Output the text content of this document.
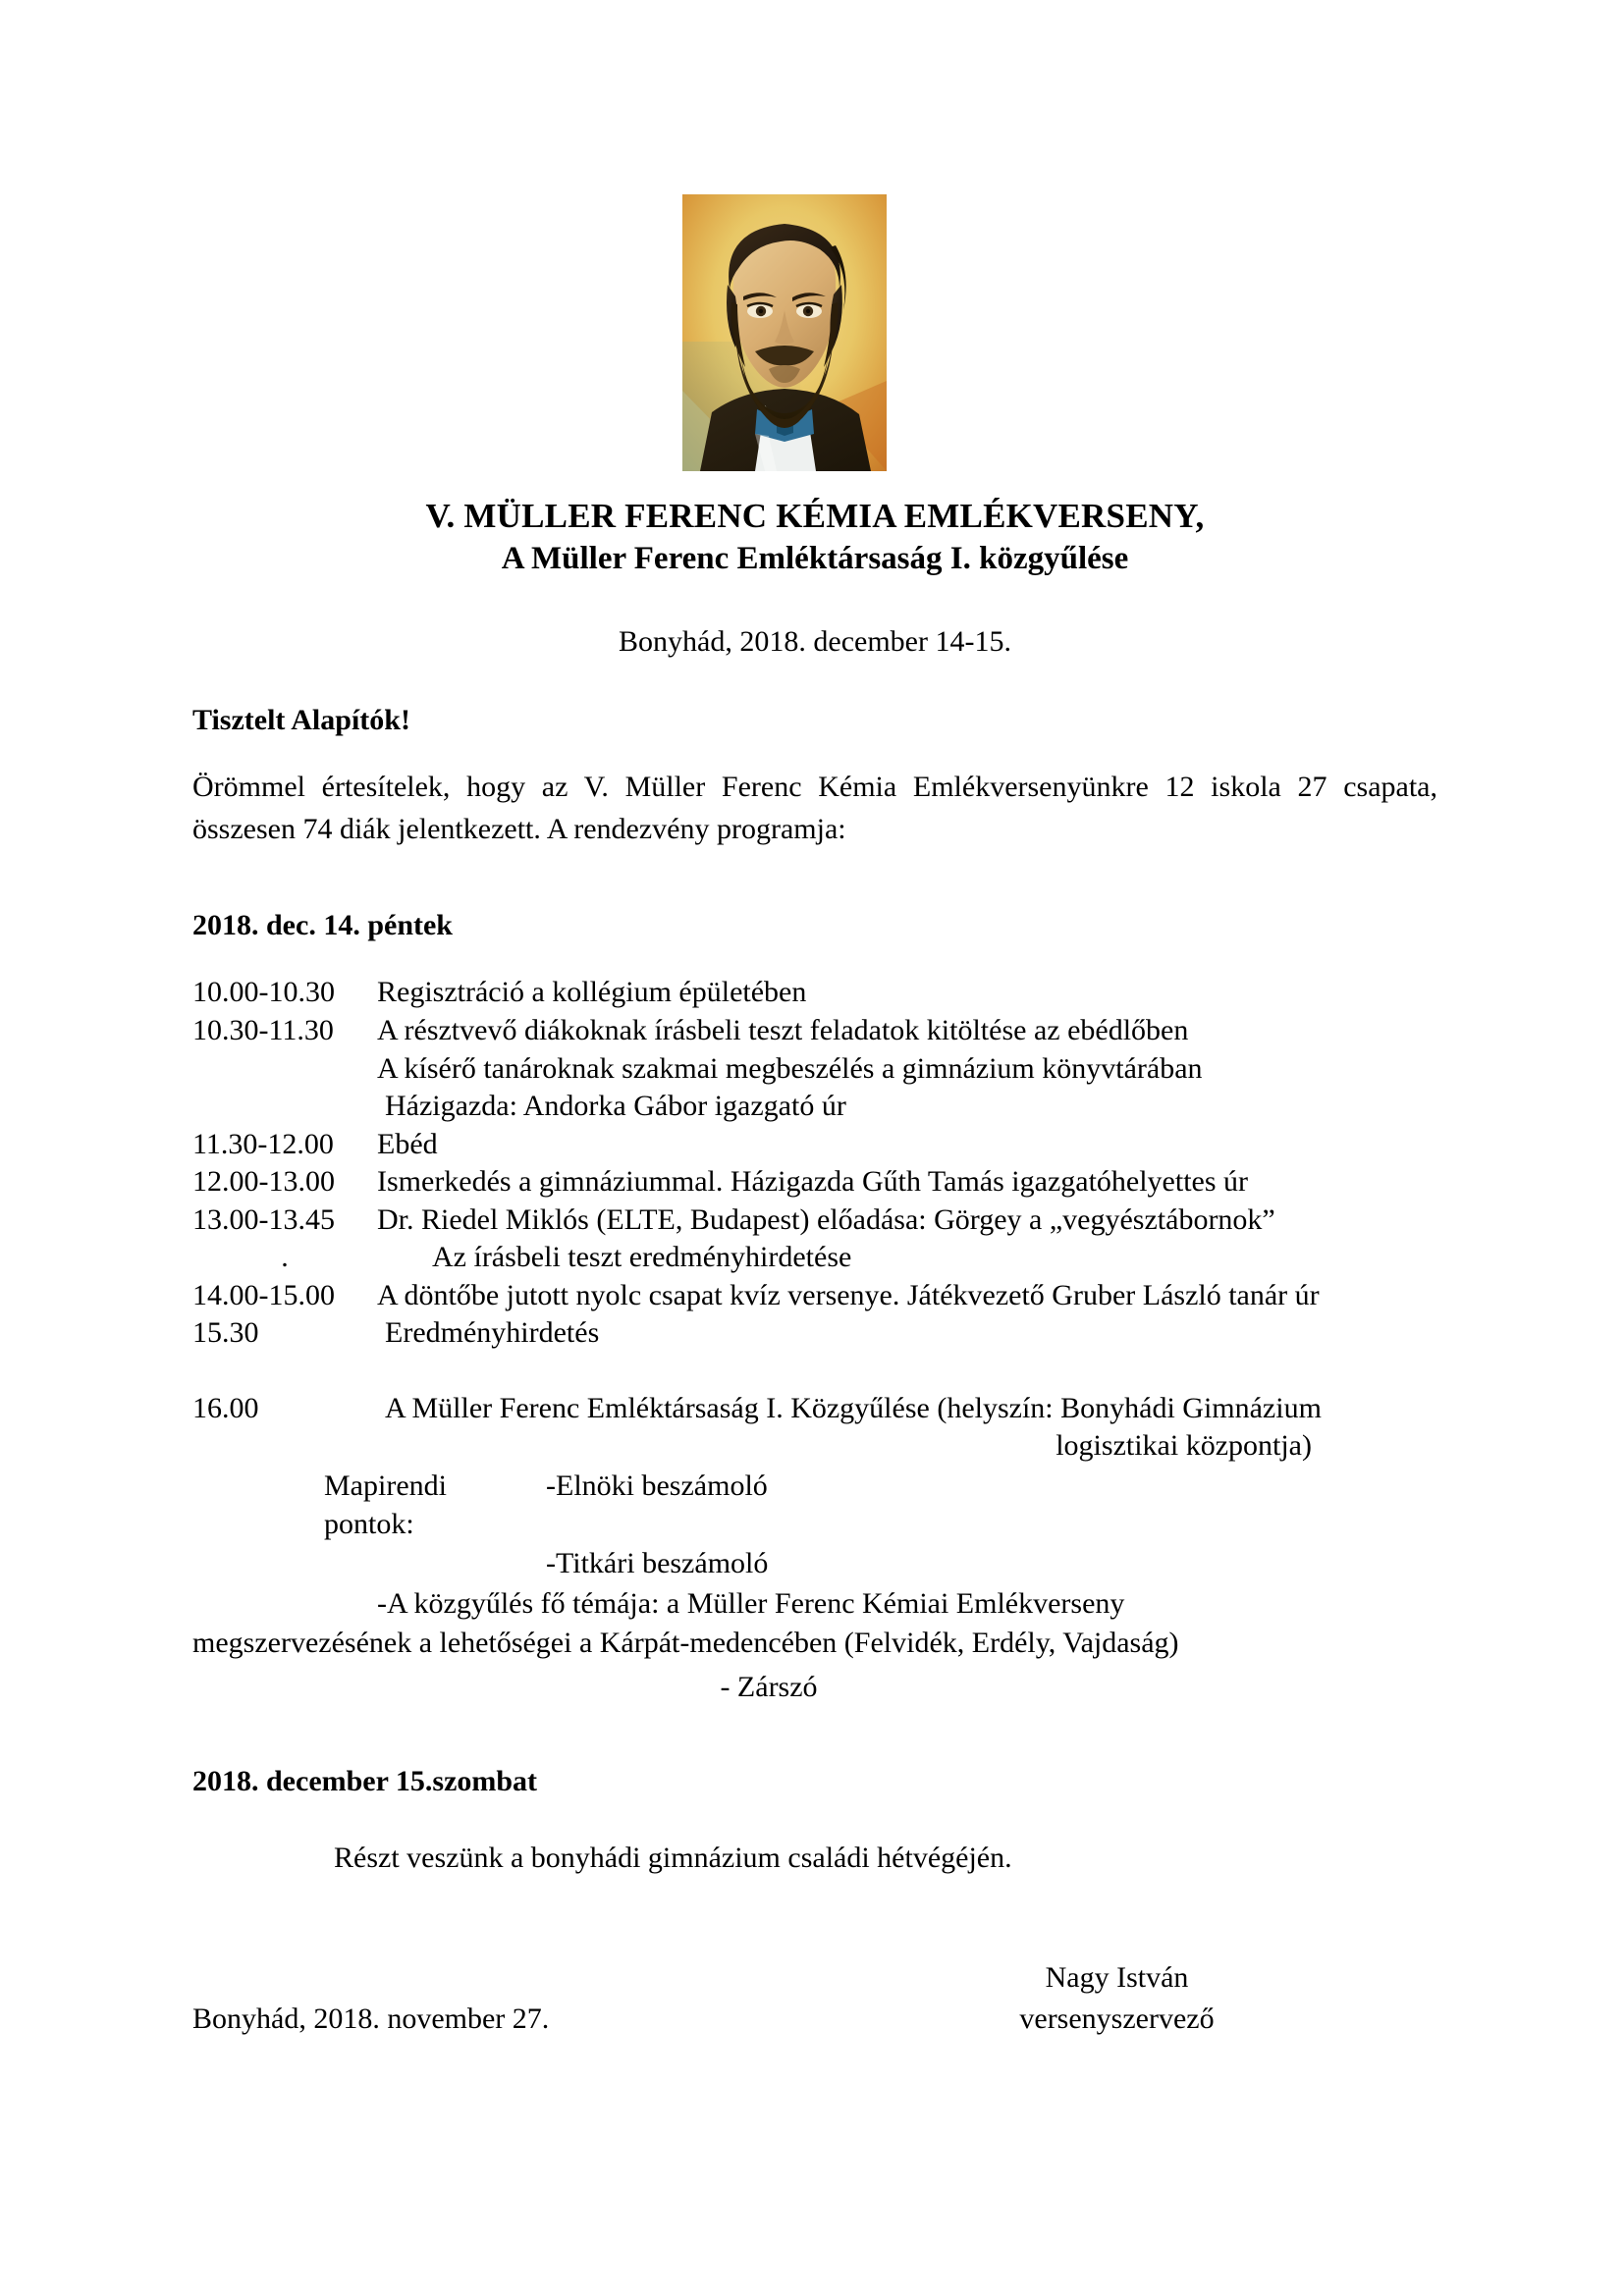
V. MÜLLER FERENC KÉMIA EMLÉKVERSENY,
A Müller Ferenc Emléktársaság I. közgyűlése
Bonyhád, 2018. december 14-15.
Tisztelt Alapítók!
Örömmel értesítelek, hogy az V. Müller Ferenc Kémia Emlékversenyünkre 12 iskola 27 csapata, összesen 74 diák jelentkezett. A rendezvény programja:
2018. dec. 14. péntek
10.00-10.30	Regisztráció a kollégium épületében
10.30-11.30	A résztvevő diákoknak írásbeli teszt feladatok kitöltése az ebédlőben
A kísérő tanároknak szakmai megbeszélés a gimnázium könyvtárában
Házigazda: Andorka Gábor igazgató úr
11.30-12.00	Ebéd
12.00-13.00	Ismerkedés a gimnáziummal. Házigazda Gűth Tamás igazgatóhelyettes úr
13.00-13.45	Dr. Riedel Miklós (ELTE, Budapest) előadása: Görgey a „vegyésztábornok”
.	Az írásbeli teszt eredményhirdetése
14.00-15.00	A döntőbe jutott nyolc csapat kvíz versenye. Játékvezető Gruber László tanár úr
15.30	Eredményhirdetés
16.00	A Müller Ferenc Emléktársaság I. Közgyűlése (helyszín: Bonyhádi Gimnázium
logisztikai központja)
Mapirendi pontok:
-Elnöki beszámoló
-Titkári beszámoló
-A közgyűlés fő témája: a Müller Ferenc Kémiai Emlékverseny
megszervezésének a lehetőségei a Kárpát-medencében (Felvidék, Erdély, Vajdaság)
- Zárszó
2018. december 15.szombat
Részt veszünk a bonyhádi gimnázium családi hétvégéjén.
Nagy István
Bonyhád, 2018. november 27.	versenyszervező
